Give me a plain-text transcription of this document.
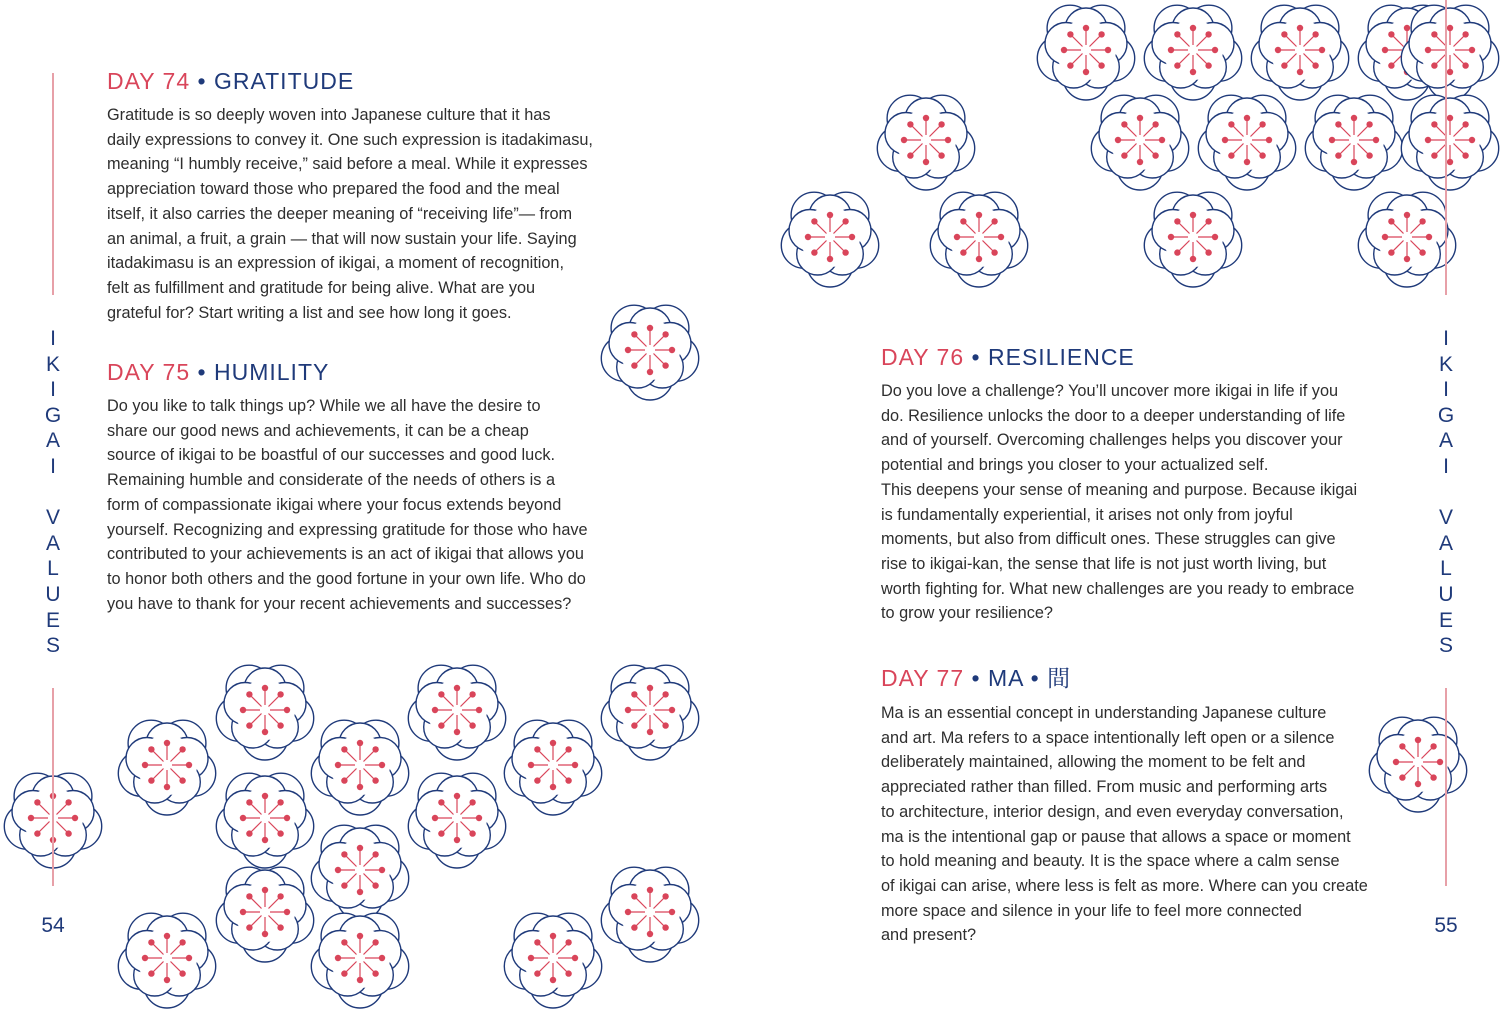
I
K
I
G
A
I

V
A
L
U
E
S
I
K
I
G
A
I

V
A
L
U
E
S
54	55
DAY 74 • GRATITUDE
Gratitude is so deeply woven into Japanese culture that it has
daily expressions to convey it. One such expression is itadakimasu,
meaning “I humbly receive,” said before a meal. While it expresses
appreciation toward those who prepared the food and the meal
itself, it also carries the deeper meaning of “receiving life”— from
an animal, a fruit, a grain — that will now sustain your life. Saying
itadakimasu is an expression of ikigai, a moment of recognition,
felt as fulfillment and gratitude for being alive. What are you
grateful for? Start writing a list and see how long it goes.
DAY 75 • HUMILITY
Do you like to talk things up? While we all have the desire to
share our good news and achievements, it can be a cheap
source of ikigai to be boastful of our successes and good luck.
Remaining humble and considerate of the needs of others is a
form of compassionate ikigai where your focus extends beyond
yourself. Recognizing and expressing gratitude for those who have
contributed to your achievements is an act of ikigai that allows you
to honor both others and the good fortune in your own life. Who do
you have to thank for your recent achievements and successes?
DAY 76 • RESILIENCE
Do you love a challenge? You’ll uncover more ikigai in life if you
do. Resilience unlocks the door to a deeper understanding of life
and of yourself. Overcoming challenges helps you discover your
potential and brings you closer to your actualized self.
This deepens your sense of meaning and purpose. Because ikigai
is fundamentally experiential, it arises not only from joyful
moments, but also from difficult ones. These struggles can give
rise to ikigai-kan, the sense that life is not just worth living, but
worth fighting for. What new challenges are you ready to embrace
to grow your resilience?
DAY 77 • MA • 間
Ma is an essential concept in understanding Japanese culture
and art. Ma refers to a space intentionally left open or a silence
deliberately maintained, allowing the moment to be felt and
appreciated rather than filled. From music and performing arts
to architecture, interior design, and even everyday conversation,
ma is the intentional gap or pause that allows a space or moment
to hold meaning and beauty. It is the space where a calm sense
of ikigai can arise, where less is felt as more. Where can you create
more space and silence in your life to feel more connected
and present?
